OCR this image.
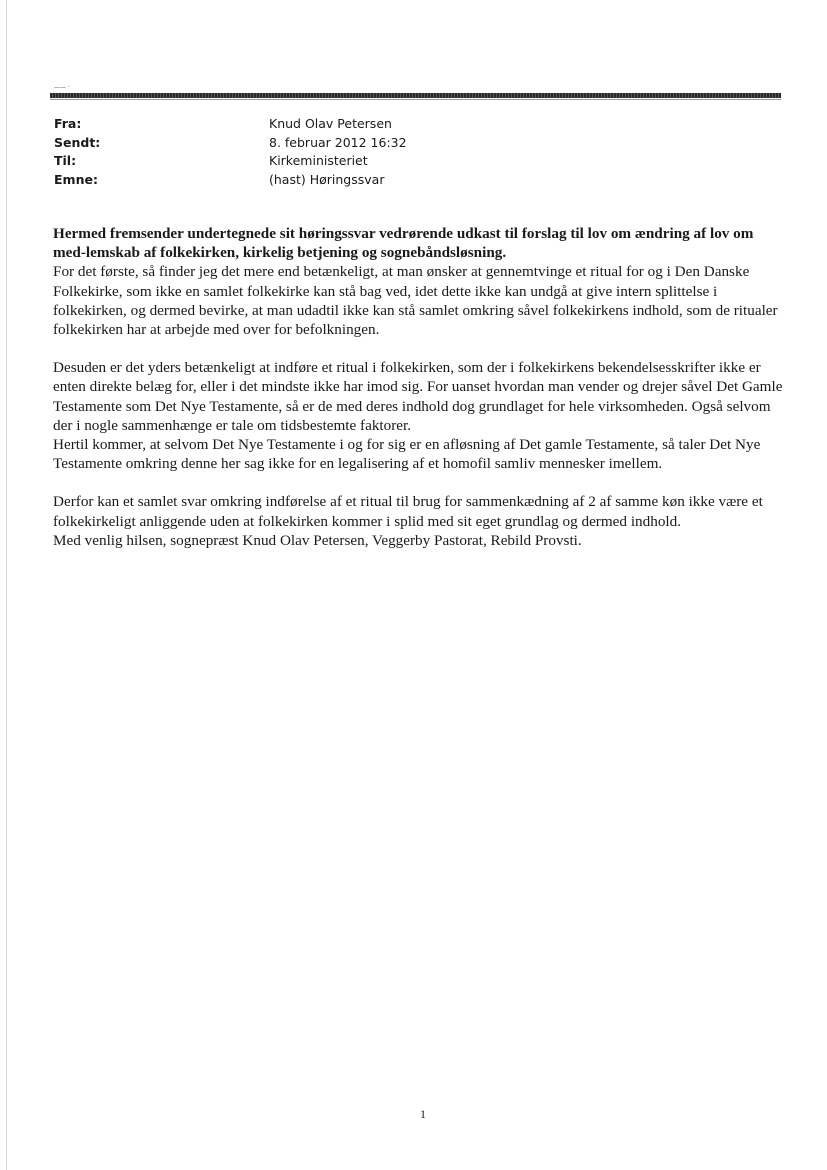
—— ·
Fra:	Knud Olav Petersen
Sendt:	8. februar 2012 16:32
Til:	Kirkeministeriet
Emne:	(hast) Høringssvar

Hermed fremsender undertegnede sit høringssvar vedrørende udkast til forslag til lov om ændring af lov om med-lemskab af folkekirken, kirkelig betjening og sognebåndsløsning.

For det første, så finder jeg det mere end betænkeligt, at man ønsker at gennemtvinge et ritual for og i Den Danske Folkekirke, som ikke en samlet folkekirke kan stå bag ved, idet dette ikke kan undgå at give intern splittelse i folkekirken, og dermed bevirke, at man udadtil ikke kan stå samlet omkring såvel folkekirkens indhold, som de ritualer folkekirken har at arbejde med over for befolkningen.

Desuden er det yders betænkeligt at indføre et ritual i folkekirken, som der i folkekirkens bekendelsesskrifter ikke er enten direkte belæg for, eller i det mindste ikke har imod sig. For uanset hvordan man vender og drejer såvel Det Gamle Testamente som Det Nye Testamente, så er de med deres indhold dog grundlaget for hele virksomheden. Også selvom der i nogle sammenhænge er tale om tidsbestemte faktorer.

Hertil kommer, at selvom Det Nye Testamente i og for sig er en afløsning af Det gamle Testamente, så taler Det Nye Testamente omkring denne her sag ikke for en legalisering af et homofil samliv mennesker imellem.

Derfor kan et samlet svar omkring indførelse af et ritual til brug for sammenkædning af 2 af samme køn ikke være et folkekirkeligt anliggende uden at folkekirken kommer i splid med sit eget grundlag og dermed indhold.

Med venlig hilsen, sognepræst Knud Olav Petersen, Veggerby Pastorat, Rebild Provsti.

1
